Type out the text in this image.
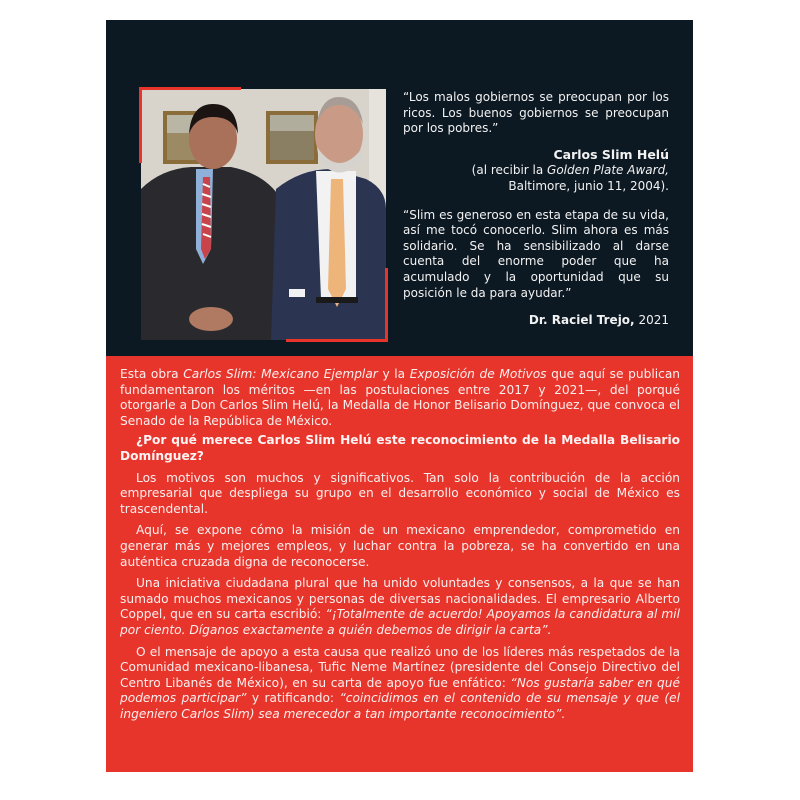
“Los malos gobiernos se preocupan por los ricos. Los buenos gobiernos se preocupan por los pobres.”

Carlos Slim Helú
(al recibir la Golden Plate Award,
Baltimore, junio 11, 2004).

“Slim es generoso en esta etapa de su vida, así me tocó conocerlo. Slim ahora es más solidario. Se ha sensibilizado al darse cuenta del enorme poder que ha acumulado y la oportunidad que su posición le da para ayudar.”

Dr. Raciel Trejo, 2021

Esta obra Carlos Slim: Mexicano Ejemplar y la Exposición de Motivos que aquí se publican fundamentaron los méritos —en las postulaciones entre 2017 y 2021—, del porqué otorgarle a Don Carlos Slim Helú, la Medalla de Honor Belisario Domínguez, que convoca el Senado de la República de México.

¿Por qué merece Carlos Slim Helú este reconocimiento de la Medalla Belisario Domínguez?

Los motivos son muchos y significativos. Tan solo la contribución de la acción empresarial que despliega su grupo en el desarrollo económico y social de México es trascendental.

Aquí, se expone cómo la misión de un mexicano emprendedor, comprometido en generar más y mejores empleos, y luchar contra la pobreza, se ha convertido en una auténtica cruzada digna de reconocerse.

Una iniciativa ciudadana plural que ha unido voluntades y consensos, a la que se han sumado muchos mexicanos y personas de diversas nacionalidades. El empresario Alberto Coppel, que en su carta escribió: “¡Totalmente de acuerdo! Apoyamos la candidatura al mil por ciento. Díganos exactamente a quién debemos de dirigir la carta”.

O el mensaje de apoyo a esta causa que realizó uno de los líderes más respetados de la Comunidad mexicano-libanesa, Tufic Neme Martínez (presidente del Consejo Directivo del Centro Libanés de México), en su carta de apoyo fue enfático: “Nos gustaría saber en qué podemos participar” y ratificando: “coincidimos en el contenido de su mensaje y que (el ingeniero Carlos Slim) sea merecedor a tan importante reconocimiento”.
